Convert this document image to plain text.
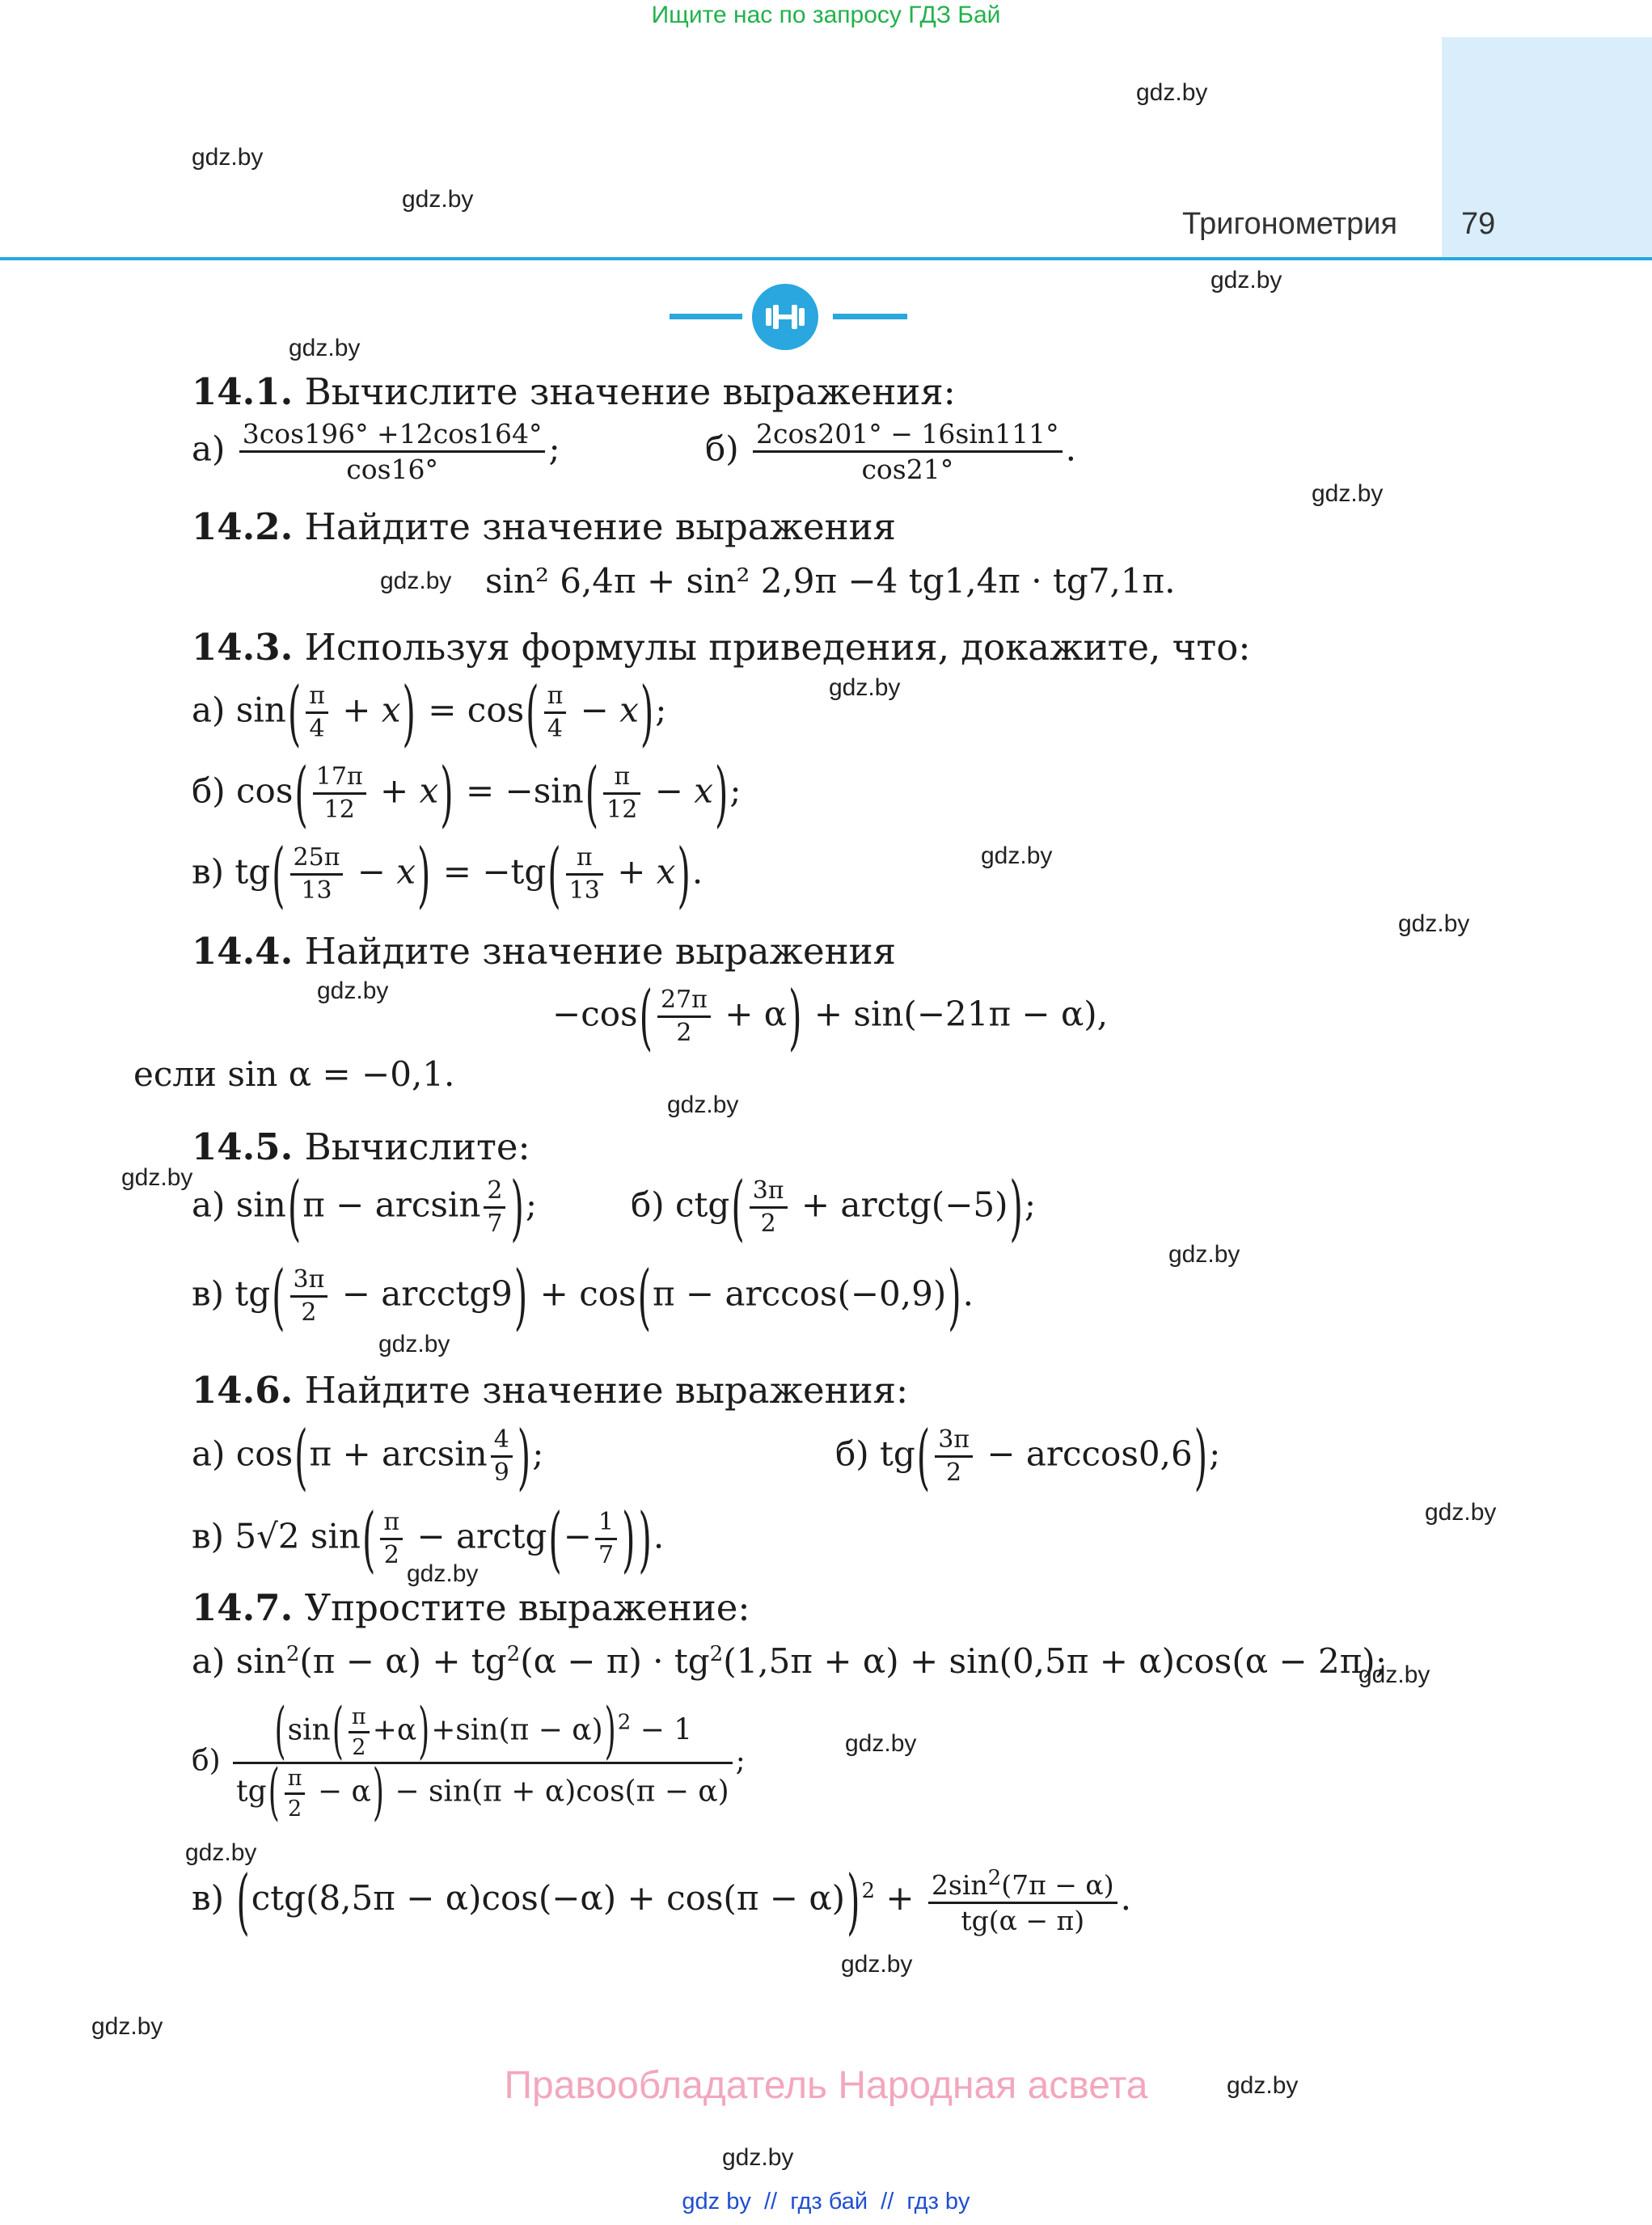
Ищите нас по запросу ГДЗ Бай
Тригонометрия 79
gdz.by
gdz.by
gdz.by
gdz.by
gdz.by
gdz.by
gdz.by
gdz.by
gdz.by
gdz.by
gdz.by
gdz.by
gdz.by
gdz.by
gdz.by
gdz.by
gdz.by
gdz.by
gdz.by
gdz.by
gdz.by
gdz.by
gdz.by
gdz.by
14.1. Вычислите значение выражения:
$а) \frac{3\cos 196^\circ +12\cos 164^\circ}{\cos 16^\circ}$ ;	$б) \frac{2\cos 201^\circ - 16\sin 111^\circ}{\cos 21^\circ}$ .
14.2. Найдите значение выражения
sin² 6,4π + sin² 2,9π −4 tg1,4π · tg7,1π.
14.3. Используя формулы приведения, докажите, что:
а) $\sin( \frac{\pi}{4} + x) = \cos( \frac{\pi}{4} - x)$;
б) $\cos( \frac{17\pi}{12} + x) = -\sin( \frac{\pi}{12} - x)$;
в) $tg( \frac{25\pi}{13} - x) = -tg( \frac{\pi}{13} + x)$.
14.4. Найдите значение выражения
$-\cos( \frac{27\pi}{2} + \alpha) + \sin(-21\pi - \alpha)$,
если sin α = −0,1.
14.5. Вычислите:
а) $\sin(\pi - \arcsin \frac{2}{7}$ );	б) $ctg( \frac{3\pi}{2}$ + arctg(−5));
в) $tg( \frac{3\pi}{2}$ − arcctg9) + cos(π − arccos(−0,9)).
14.6. Найдите значение выражения:
а) $\cos(\pi + \arcsin \frac{4}{9}$ );	б) $tg( \frac{3\pi}{2} - \arccos 0,6)$;
в) 5√2 $\sin( \frac{\pi}{2}$ − arctg(− $\frac{1}{7}$ )).
14.7. Упростите выражение:
а) $\sin^2(\pi - \alpha) + tg^2(\alpha - \pi) \cdot tg^2(1,5\pi + \alpha) + \sin(0,5\pi + \alpha)\cos(\alpha - 2\pi)$;
$б) \frac{(\sin( \frac{\pi}{2} +\alpha)+\sin(\pi - \alpha))^2 - 1}{tg( \frac{\pi}{2} - \alpha) - \sin(\pi + \alpha)\cos(\pi - \alpha)}$ ;
в) $(ctg(8,5\pi - \alpha)\cos(-\alpha) + \cos(\pi - \alpha))^2 + \frac{2\sin^2(7\pi - \alpha)}{tg(\alpha - \pi)}$ .
Правообладатель Народная асвета
gdz by  //  гдз бай  //  гдз by
